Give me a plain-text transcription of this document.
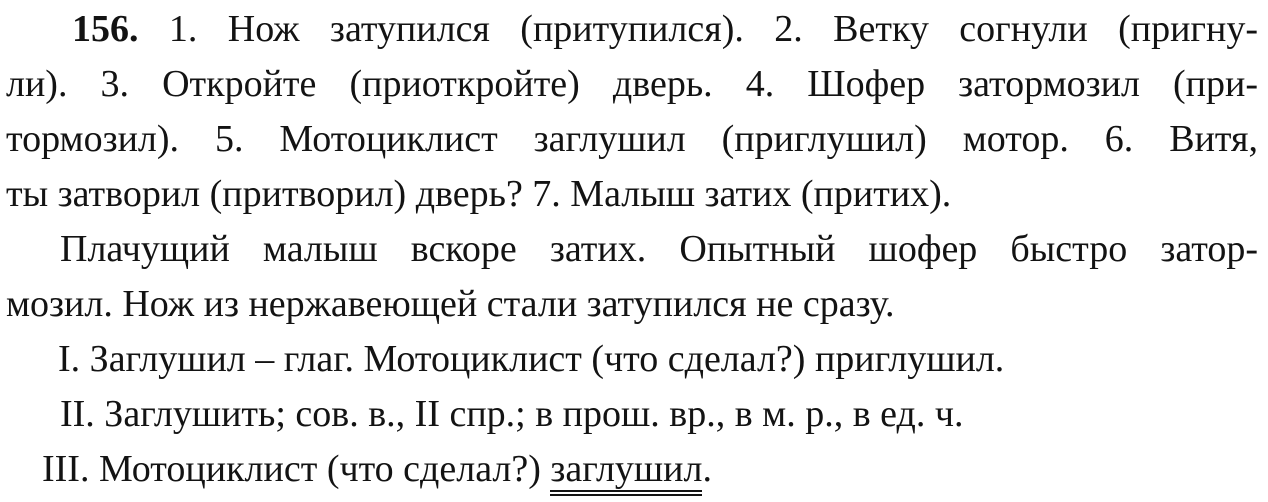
156. 1. Нож затупился (притупился). 2. Ветку согнули (пригну-

ли). 3. Откройте (приоткройте) дверь. 4. Шофер затормозил (при-

тормозил). 5. Мотоциклист заглушил (приглушил) мотор. 6. Витя,

ты затворил (притворил) дверь? 7. Малыш затих (притих).

Плачущий малыш вскоре затих. Опытный шофер быстро затор-

мозил. Нож из нержавеющей стали затупился не сразу.

I. Заглушил – глаг. Мотоциклист (что сделал?) приглушил.

II. Заглушить; сов. в., II спр.; в прош. вр., в м. р., в ед. ч.

III. Мотоциклист (что сделал?) заглушил.
